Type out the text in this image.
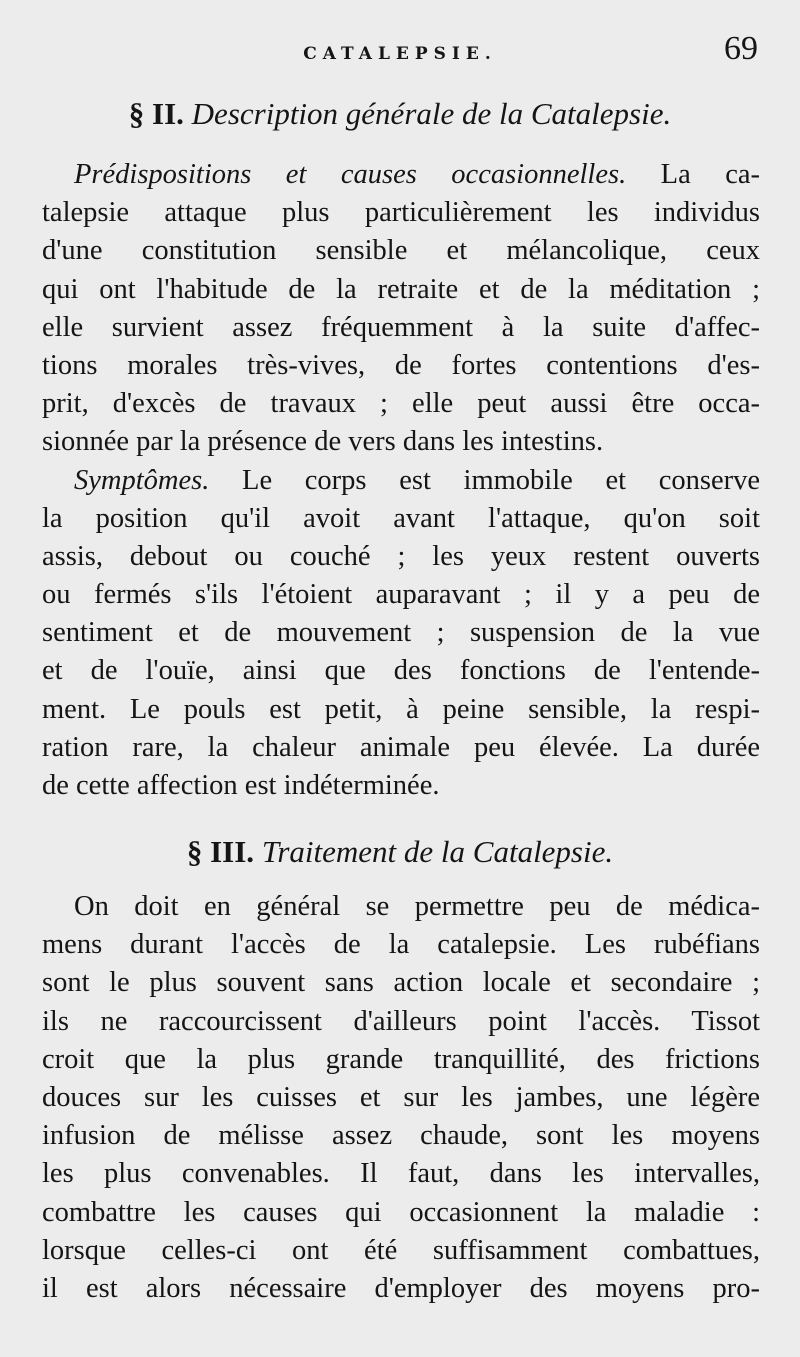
CATALEPSIE.	69
§ II. Description générale de la Catalepsie.
Prédispositions et causes occasionnelles. La ca-
talepsie attaque plus particulièrement les individus
d'une constitution sensible et mélancolique, ceux
qui ont l'habitude de la retraite et de la méditation ;
elle survient assez fréquemment à la suite d'affec-
tions morales très-vives, de fortes contentions d'es-
prit, d'excès de travaux ; elle peut aussi être occa-
sionnée par la présence de vers dans les intestins.
Symptômes. Le corps est immobile et conserve
la position qu'il avoit avant l'attaque, qu'on soit
assis, debout ou couché ; les yeux restent ouverts
ou fermés s'ils l'étoient auparavant ; il y a peu de
sentiment et de mouvement ; suspension de la vue
et de l'ouïe, ainsi que des fonctions de l'entende-
ment. Le pouls est petit, à peine sensible, la respi-
ration rare, la chaleur animale peu élevée. La durée
de cette affection est indéterminée.
§ III. Traitement de la Catalepsie.
On doit en général se permettre peu de médica-
mens durant l'accès de la catalepsie. Les rubéfians
sont le plus souvent sans action locale et secondaire ;
ils ne raccourcissent d'ailleurs point l'accès. Tissot
croit que la plus grande tranquillité, des frictions
douces sur les cuisses et sur les jambes, une légère
infusion de mélisse assez chaude, sont les moyens
les plus convenables. Il faut, dans les intervalles,
combattre les causes qui occasionnent la maladie :
lorsque celles-ci ont été suffisamment combattues,
il est alors nécessaire d'employer des moyens pro-
